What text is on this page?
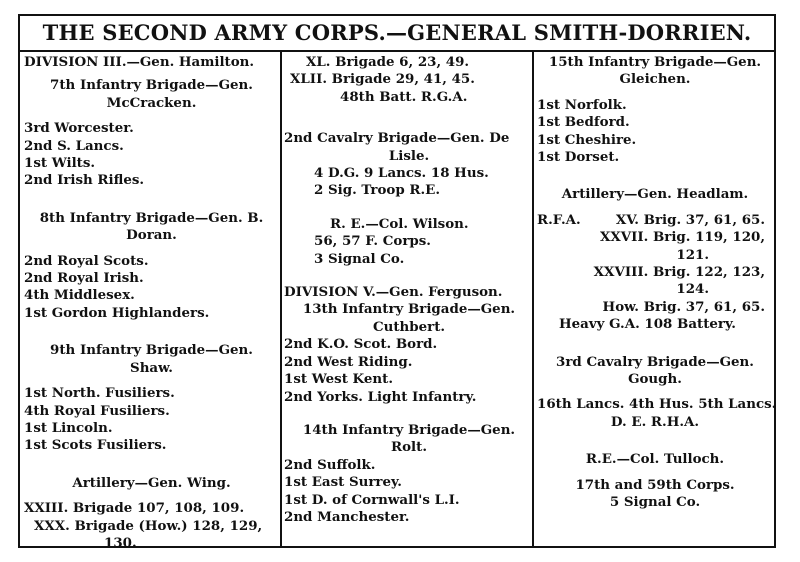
THE SECOND ARMY CORPS.—GENERAL SMITH-DORRIEN.
DIVISION III.—Gen. Hamilton.
7th Infantry Brigade—Gen.
McCracken.
3rd Worcester.
2nd S. Lancs.
1st Wilts.
2nd Irish Rifles.
8th Infantry Brigade—Gen. B.
Doran.
2nd Royal Scots.
2nd Royal Irish.
4th Middlesex.
1st Gordon Highlanders.
9th Infantry Brigade—Gen.
Shaw.
1st North. Fusiliers.
4th Royal Fusiliers.
1st Lincoln.
1st Scots Fusiliers.
Artillery—Gen. Wing.
XXIII. Brigade 107, 108, 109.
XXX. Brigade (How.) 128, 129,
130.
XL. Brigade 6, 23, 49.
XLII. Brigade 29, 41, 45.
48th Batt. R.G.A.
2nd Cavalry Brigade—Gen. De
Lisle.
4 D.G. 9 Lancs. 18 Hus.
2 Sig. Troop R.E.
R. E.—Col. Wilson.
56, 57 F. Corps.
3 Signal Co.
DIVISION V.—Gen. Ferguson.
13th Infantry Brigade—Gen.
Cuthbert.
2nd K.O. Scot. Bord.
2nd West Riding.
1st West Kent.
2nd Yorks. Light Infantry.
14th Infantry Brigade—Gen.
Rolt.
2nd Suffolk.
1st East Surrey.
1st D. of Cornwall's L.I.
2nd Manchester.
15th Infantry Brigade—Gen.
Gleichen.
1st Norfolk.
1st Bedford.
1st Cheshire.
1st Dorset.
Artillery—Gen. Headlam.
R.F.A.	XV. Brig. 37, 61, 65.
XXVII. Brig. 119, 120,
121.
XXVIII. Brig. 122, 123,
124.
How. Brig. 37, 61, 65.
Heavy G.A. 108 Battery.
3rd Cavalry Brigade—Gen.
Gough.
16th Lancs. 4th Hus. 5th Lancs.
D. E. R.H.A.
R.E.—Col. Tulloch.
17th and 59th Corps.
5 Signal Co.
